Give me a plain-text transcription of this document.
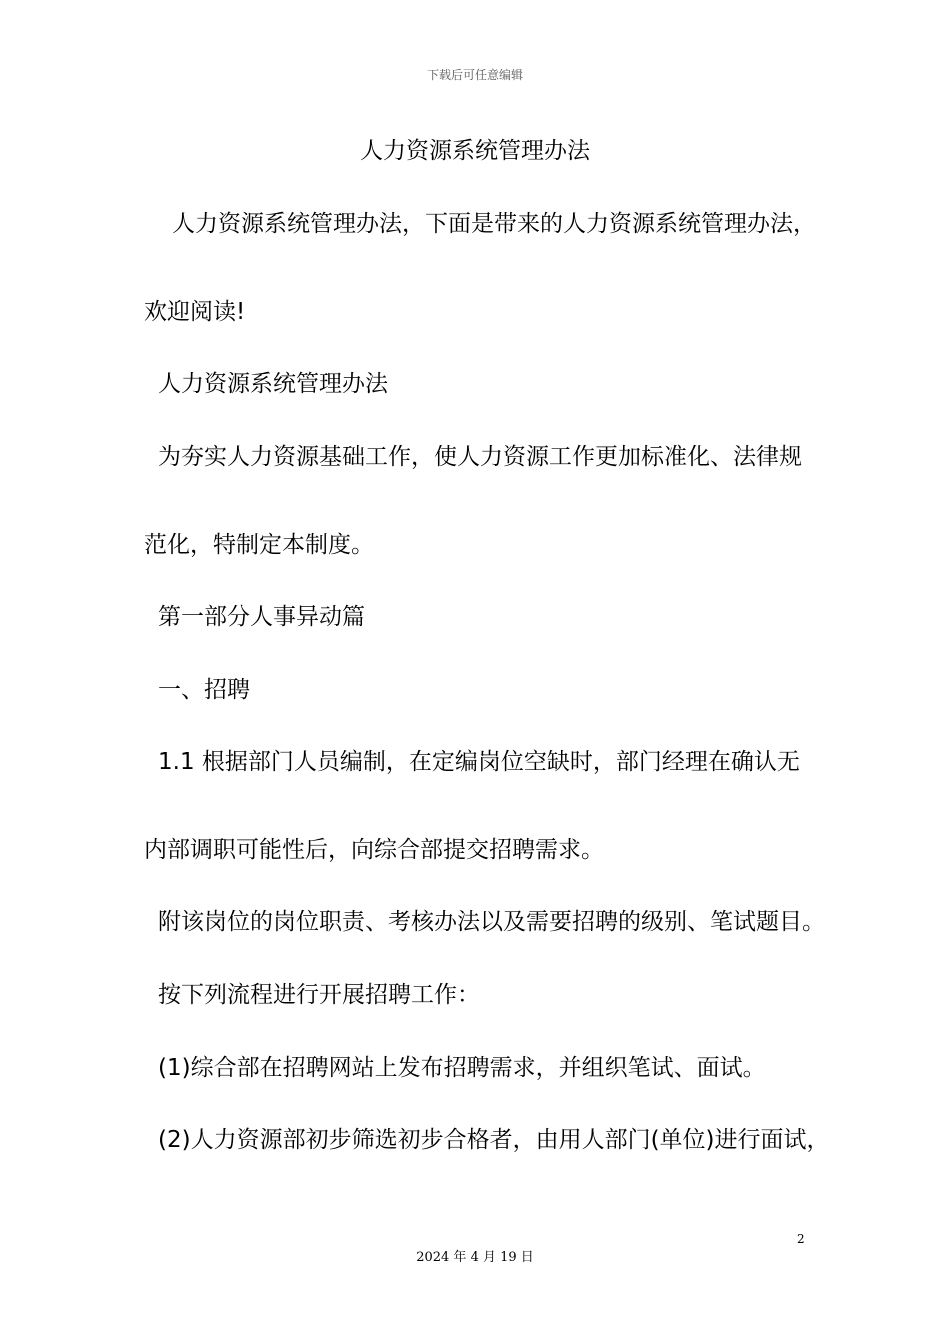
下载后可任意编辑
人力资源系统管理办法
人力资源系统管理办法，下面是带来的人力资源系统管理办法，
欢迎阅读!
人力资源系统管理办法
为夯实人力资源基础工作，使人力资源工作更加标准化、法律规
范化，特制定本制度。
第一部分人事异动篇
一、招聘
1.1 根据部门人员编制，在定编岗位空缺时，部门经理在确认无
内部调职可能性后，向综合部提交招聘需求。
附该岗位的岗位职责、考核办法以及需要招聘的级别、笔试题目。
按下列流程进行开展招聘工作：
(1)综合部在招聘网站上发布招聘需求，并组织笔试、面试。
(2)人力资源部初步筛选初步合格者，由用人部门(单位)进行面试，
2
2024 年 4 月 19 日
